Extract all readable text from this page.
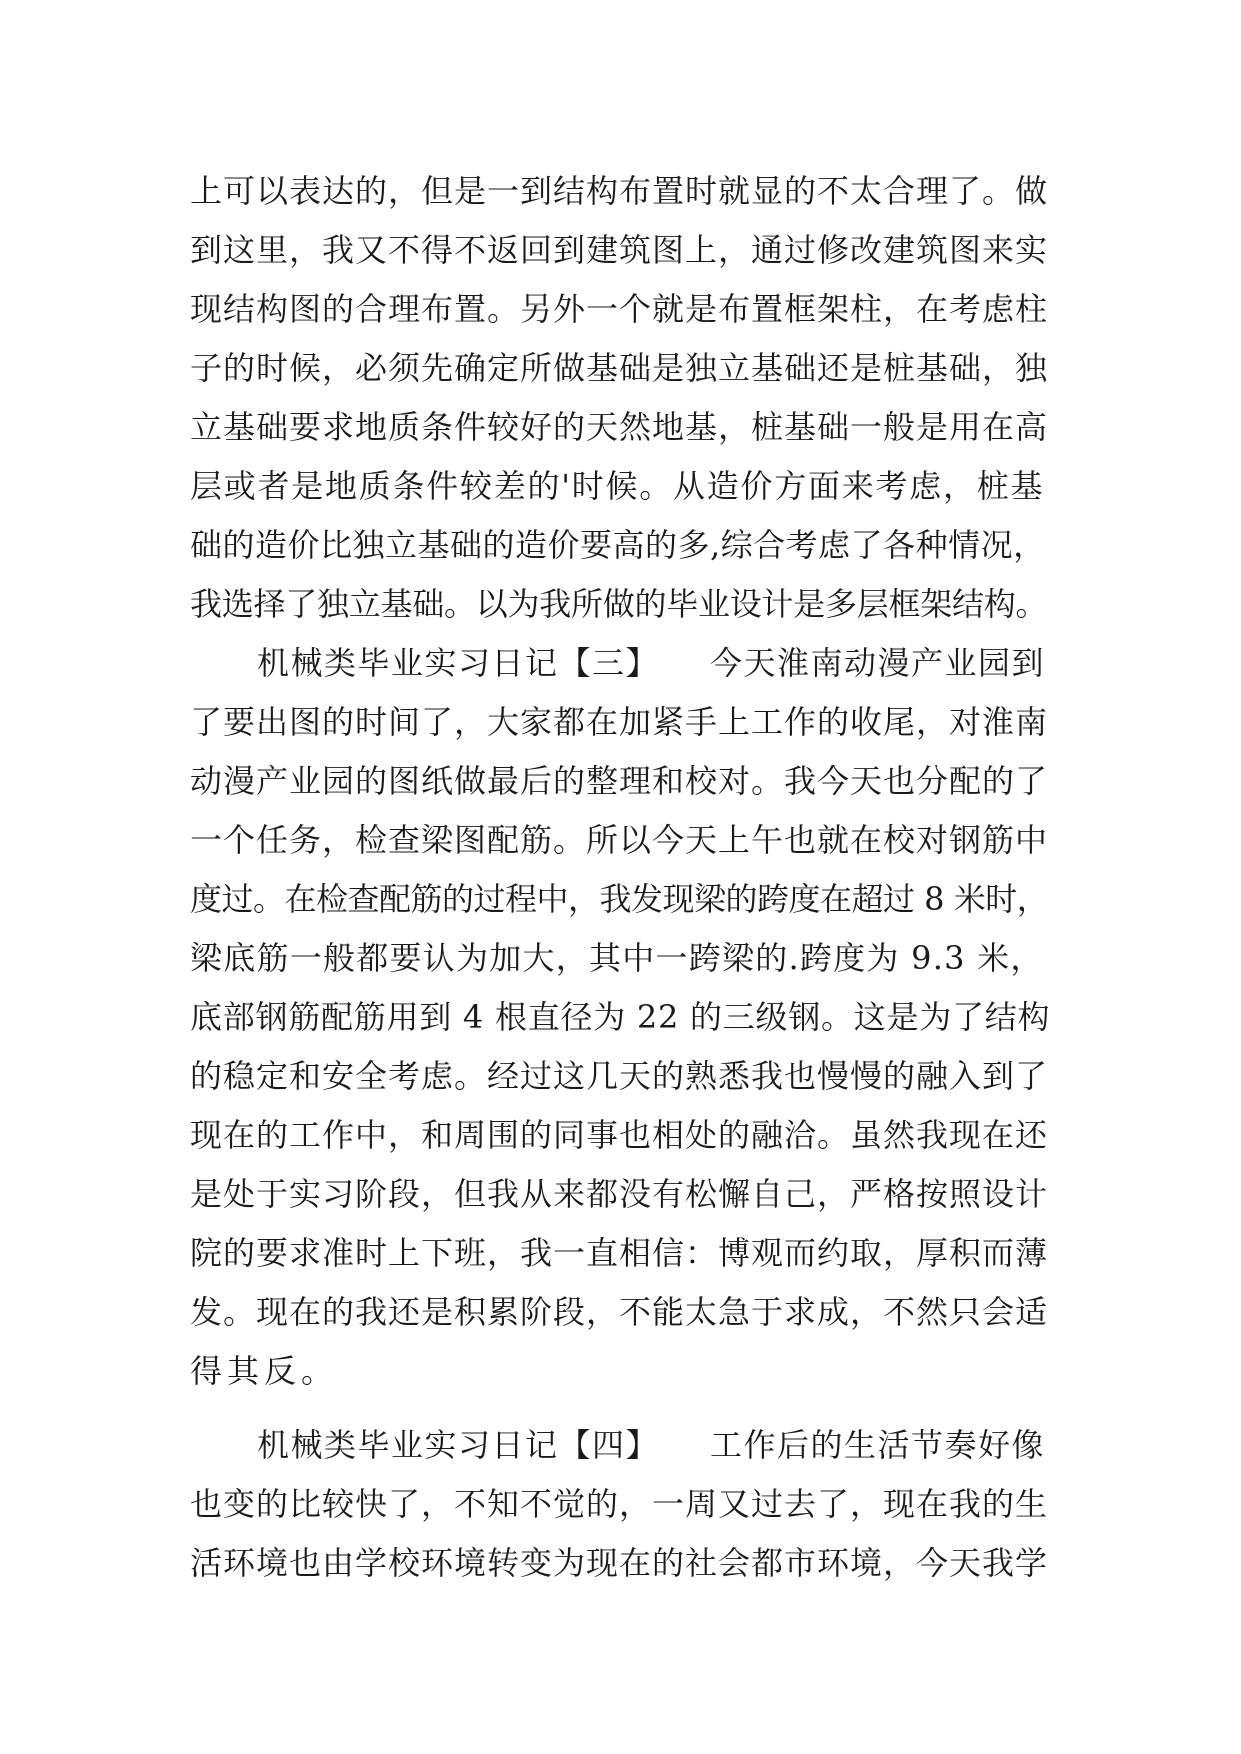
上可以表达的，但是一到结构布置时就显的不太合理了。做
到这里，我又不得不返回到建筑图上，通过修改建筑图来实
现结构图的合理布置。另外一个就是布置框架柱，在考虑柱
子的时候，必须先确定所做基础是独立基础还是桩基础，独
立基础要求地质条件较好的天然地基，桩基础一般是用在高
层或者是地质条件较差的'时候。从造价方面来考虑，桩基
础的造价比独立基础的造价要高的多,综合考虑了各种情况，
我选择了独立基础。以为我所做的毕业设计是多层框架结构。
　　机械类毕业实习日记【三】　　今天淮南动漫产业园到
了要出图的时间了，大家都在加紧手上工作的收尾，对淮南
动漫产业园的图纸做最后的整理和校对。我今天也分配的了
一个任务，检查梁图配筋。所以今天上午也就在校对钢筋中
度过。在检查配筋的过程中，我发现梁的跨度在超过 8 米时，
梁底筋一般都要认为加大，其中一跨梁的.跨度为 9.3 米，
底部钢筋配筋用到 4 根直径为 22 的三级钢。这是为了结构
的稳定和安全考虑。经过这几天的熟悉我也慢慢的融入到了
现在的工作中，和周围的同事也相处的融洽。虽然我现在还
是处于实习阶段，但我从来都没有松懈自己，严格按照设计
院的要求准时上下班，我一直相信：博观而约取，厚积而薄
发。现在的我还是积累阶段，不能太急于求成，不然只会适
得其反。
　　机械类毕业实习日记【四】　　工作后的生活节奏好像
也变的比较快了，不知不觉的，一周又过去了，现在我的生
活环境也由学校环境转变为现在的社会都市环境，今天我学
